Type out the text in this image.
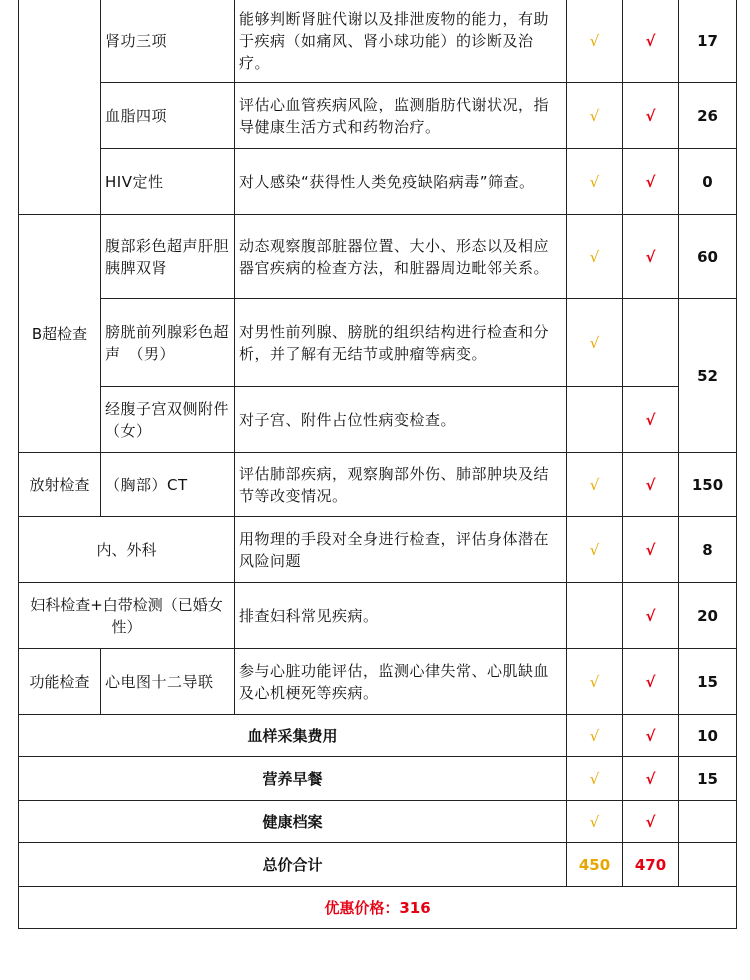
	肾功三项	能够判断肾脏代谢以及排泄废物的能力，有助于疾病（如痛风、肾小球功能）的诊断及治疗。	√	√	17
	血脂四项	评估心血管疾病风险，监测脂肪代谢状况，指导健康生活方式和药物治疗。	√	√	26
	HIV定性	对人感染“获得性人类免疫缺陷病毒”筛查。	√	√	0
B超检查	腹部彩色超声肝胆胰脾双肾	动态观察腹部脏器位置、大小、形态以及相应器官疾病的检查方法，和脏器周边毗邻关系。	√	√	60
	膀胱前列腺彩色超声　（男）	对男性前列腺、膀胱的组织结构进行检查和分析，并了解有无结节或肿瘤等病变。	√		52
	经腹子宫双侧附件（女）	对子宫、附件占位性病变检查。		√	
放射检查	（胸部）CT	评估肺部疾病，观察胸部外伤、肺部肿块及结节等改变情况。	√	√	150
内、外科		用物理的手段对全身进行检查，评估身体潜在风险问题	√	√	8
妇科检查+白带检测（已婚女性）		排查妇科常见疾病。		√	20
功能检查	心电图十二导联	参与心脏功能评估，监测心律失常、心肌缺血及心机梗死等疾病。	√	√	15
血样采集费用			√	√	10
营养早餐			√	√	15
健康档案			√	√	
总价合计			450	470	
优惠价格：316					
